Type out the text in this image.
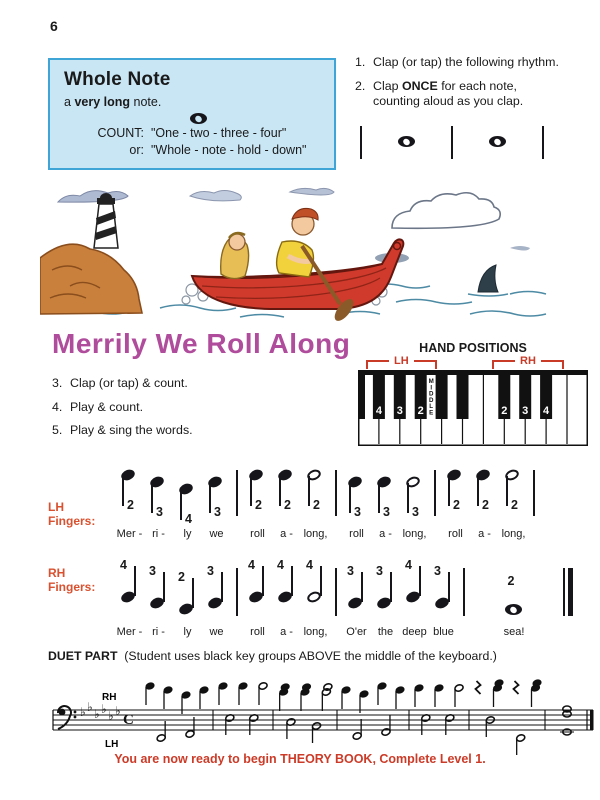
6
Whole Note
a very long note.
COUNT: "One - two - three - four"
or: "Whole - note - hold - down"
1. Clap (or tap) the following rhythm.
2. Clap ONCE for each note,
counting aloud as you clap.
Merrily We Roll Along	HAND POSITIONS
LH	RH
4 3 2	2 3 4
M I D D L E
3. Clap (or tap) & count.
4. Play & count.
5. Play & sing the words.
LH Fingers:
2
Mer -
3
ri -
4
ly
3
we
2
roll
2
a -
2
long,
3
roll
3
a -
3
long,
2
roll
2
a -
2
long,
RH Fingers:
4
Mer -
3
ri -
2
ly
3
we
4
roll
4
a -
4
long,
3
O'er
3
the
4
deep
3
blue
2
sea!
DUET PART (Student uses black key groups ABOVE the middle of the keyboard.)
RH
LH
♭ ♭ ♭ ♭ ♭ ♭
C
You are now ready to begin THEORY BOOK, Complete Level 1.
